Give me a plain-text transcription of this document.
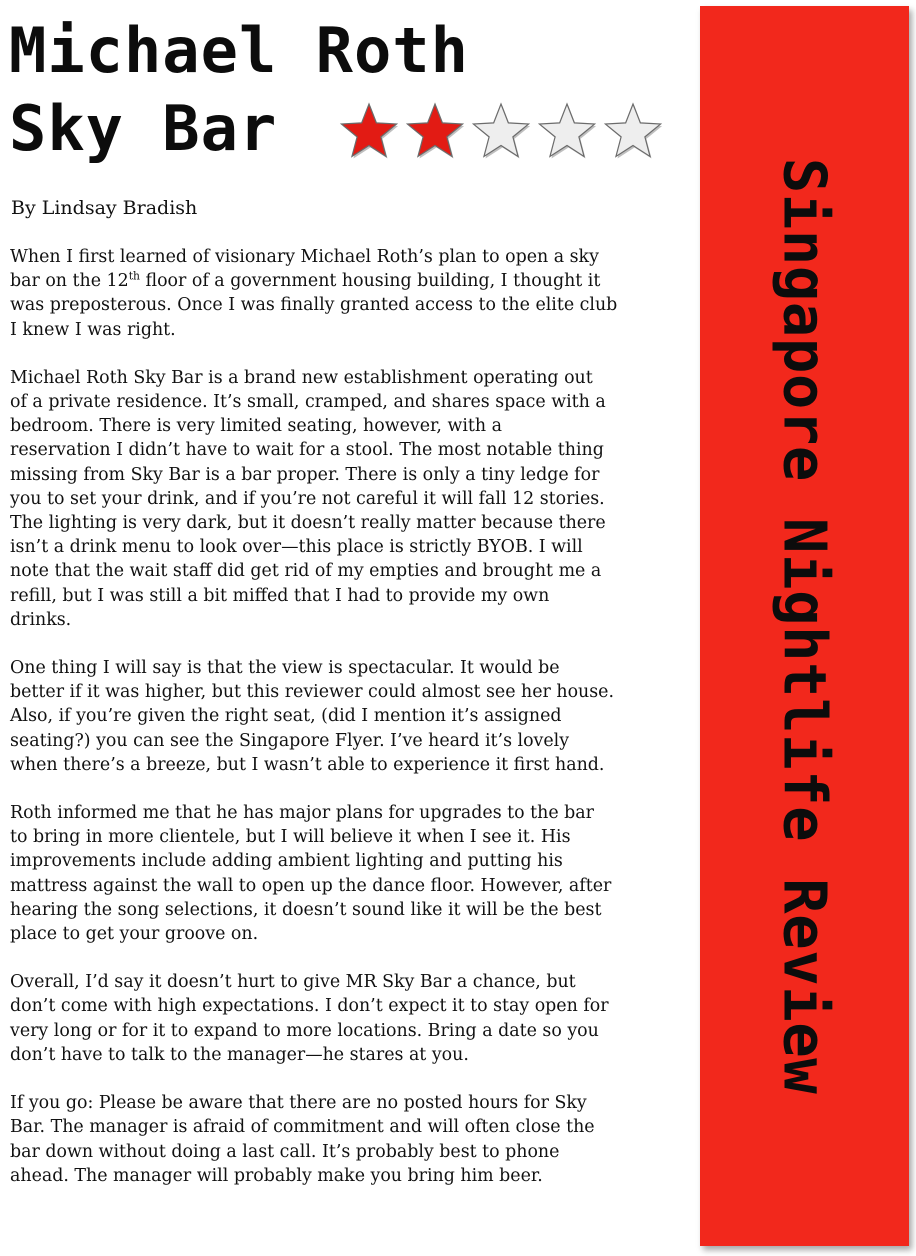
Michael Roth
Sky Bar
By Lindsay Bradish

When I first learned of visionary Michael Roth’s plan to open a sky
bar on the 12th floor of a government housing building, I thought it
was preposterous. Once I was finally granted access to the elite club
I knew I was right.

Michael Roth Sky Bar is a brand new establishment operating out
of a private residence. It’s small, cramped, and shares space with a
bedroom. There is very limited seating, however, with a
reservation I didn’t have to wait for a stool. The most notable thing
missing from Sky Bar is a bar proper. There is only a tiny ledge for
you to set your drink, and if you’re not careful it will fall 12 stories.
The lighting is very dark, but it doesn’t really matter because there
isn’t a drink menu to look over—this place is strictly BYOB. I will
note that the wait staff did get rid of my empties and brought me a
refill, but I was still a bit miffed that I had to provide my own
drinks.

One thing I will say is that the view is spectacular. It would be
better if it was higher, but this reviewer could almost see her house.
Also, if you’re given the right seat, (did I mention it’s assigned
seating?) you can see the Singapore Flyer. I’ve heard it’s lovely
when there’s a breeze, but I wasn’t able to experience it first hand.

Roth informed me that he has major plans for upgrades to the bar
to bring in more clientele, but I will believe it when I see it. His
improvements include adding ambient lighting and putting his
mattress against the wall to open up the dance floor. However, after
hearing the song selections, it doesn’t sound like it will be the best
place to get your groove on.

Overall, I’d say it doesn’t hurt to give MR Sky Bar a chance, but
don’t come with high expectations. I don’t expect it to stay open for
very long or for it to expand to more locations. Bring a date so you
don’t have to talk to the manager—he stares at you.

If you go: Please be aware that there are no posted hours for Sky
Bar. The manager is afraid of commitment and will often close the
bar down without doing a last call. It’s probably best to phone
ahead. The manager will probably make you bring him beer.

Singapore Nightlife Review
